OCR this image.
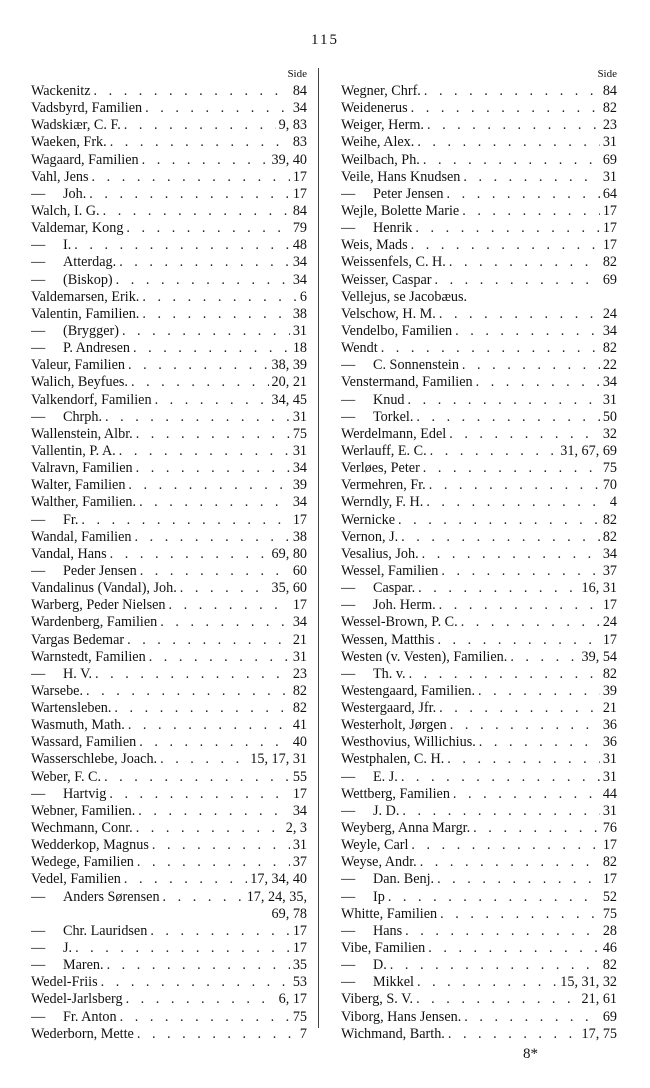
115
Side
Wackenitz . . .	84
Vadsbyrd, Familien . . .	34
Wadskiær, C. F. . . .	9, 83
Waeken, Frk. . . .	83
Wagaard, Familien . . .	39, 40
Vahl, Jens . . .	17
— Joh. . . .	17
Walch, I. G. . . .	84
Valdemar, Kong . . .	79
— I. . . .	48
— Atterdag. . . .	34
— (Biskop) . . .	34
Valdemarsen, Erik. . . .	6
Valentin, Familien. . . .	38
— (Brygger) . . .	31
— P. Andresen . . .	18
Valeur, Familien . . .	38, 39
Walich, Beyfues. . . .	20, 21
Valkendorf, Familien . . .	34, 45
— Chrph. . . .	31
Wallenstein, Albr. . . .	75
Vallentin, P. A. . . .	31
Valravn, Familien . . .	34
Walter, Familien . . .	39
Walther, Familien. . . .	34
— Fr. . . .	17
Wandal, Familien . . .	38
Vandal, Hans . . .	69, 80
— Peder Jensen . . .	60
Vandalinus (Vandal), Joh. . . .	35, 60
Warberg, Peder Nielsen . . .	17
Wardenberg, Familien . . .	34
Vargas Bedemar . . .	21
Warnstedt, Familien . . .	31
— H. V. . . .	23
Warsebe. . . .	82
Wartensleben. . . .	82
Wasmuth, Math. . . .	41
Wassard, Familien . . .	40
Wasserschlebe, Joach. . . .	15, 17, 31
Weber, F. C. . . .	55
— Hartvig . . .	17
Webner, Familien. . . .	34
Wechmann, Conr. . . .	2, 3
Wedderkop, Magnus . . .	31
Wedege, Familien . . .	37
Vedel, Familien . . .	17, 34, 40
— Anders Sørensen . . .	17, 24, 35,
69, 78
— Chr. Lauridsen . . .	17
— J. . . .	17
— Maren. . . .	35
Wedel-Friis . . .	53
Wedel-Jarlsberg . . .	6, 17
— Fr. Anton . . .	75
Wederborn, Mette . . .	7
Side
Wegner, Chrf. . . .	84
Weidenerus . . .	82
Weiger, Herm. . . .	23
Weihe, Alex. . . .	31
Weilbach, Ph. . . .	69
Veile, Hans Knudsen . . .	31
— Peter Jensen . . .	64
Wejle, Bolette Marie . . .	17
— Henrik . . .	17
Weis, Mads . . .	17
Weissenfels, C. H. . . .	82
Weisser, Caspar . . .	69
Vellejus, se Jacobæus.
Velschow, H. M. . . .	24
Vendelbo, Familien . . .	34
Wendt . . .	82
— C. Sonnenstein . . .	22
Venstermand, Familien . . .	34
— Knud . . .	31
— Torkel. . . .	50
Werdelmann, Edel . . .	32
Werlauff, E. C. . . .	31, 67, 69
Verløes, Peter . . .	75
Vermehren, Fr. . . .	70
Werndly, F. H. . . .	4
Wernicke . . .	82
Vernon, J. . . .	82
Vesalius, Joh. . . .	34
Wessel, Familien . . .	37
— Caspar. . . .	16, 31
— Joh. Herm. . . .	17
Wessel-Brown, P. C. . . .	24
Wessen, Matthis . . .	17
Westen (v. Vesten), Familien. . . .	39, 54
— Th. v. . . .	82
Westengaard, Familien. . . .	39
Westergaard, Jfr. . . .	21
Westerholt, Jørgen . . .	36
Westhovius, Willichius. . . .	36
Westphalen, C. H. . . .	31
— E. J. . . .	31
Wettberg, Familien . . .	44
— J. D. . . .	31
Weyberg, Anna Margr. . . .	76
Weyle, Carl . . .	17
Weyse, Andr. . . .	82
— Dan. Benj. . . .	17
— Ip . . .	52
Whitte, Familien . . .	75
— Hans . . .	28
Vibe, Familien . . .	46
— D. . . .	82
— Mikkel . . .	15, 31, 32
Viberg, S. V. . . .	21, 61
Viborg, Hans Jensen. . . .	69
Wichmand, Barth. . . .	17, 75
8*
